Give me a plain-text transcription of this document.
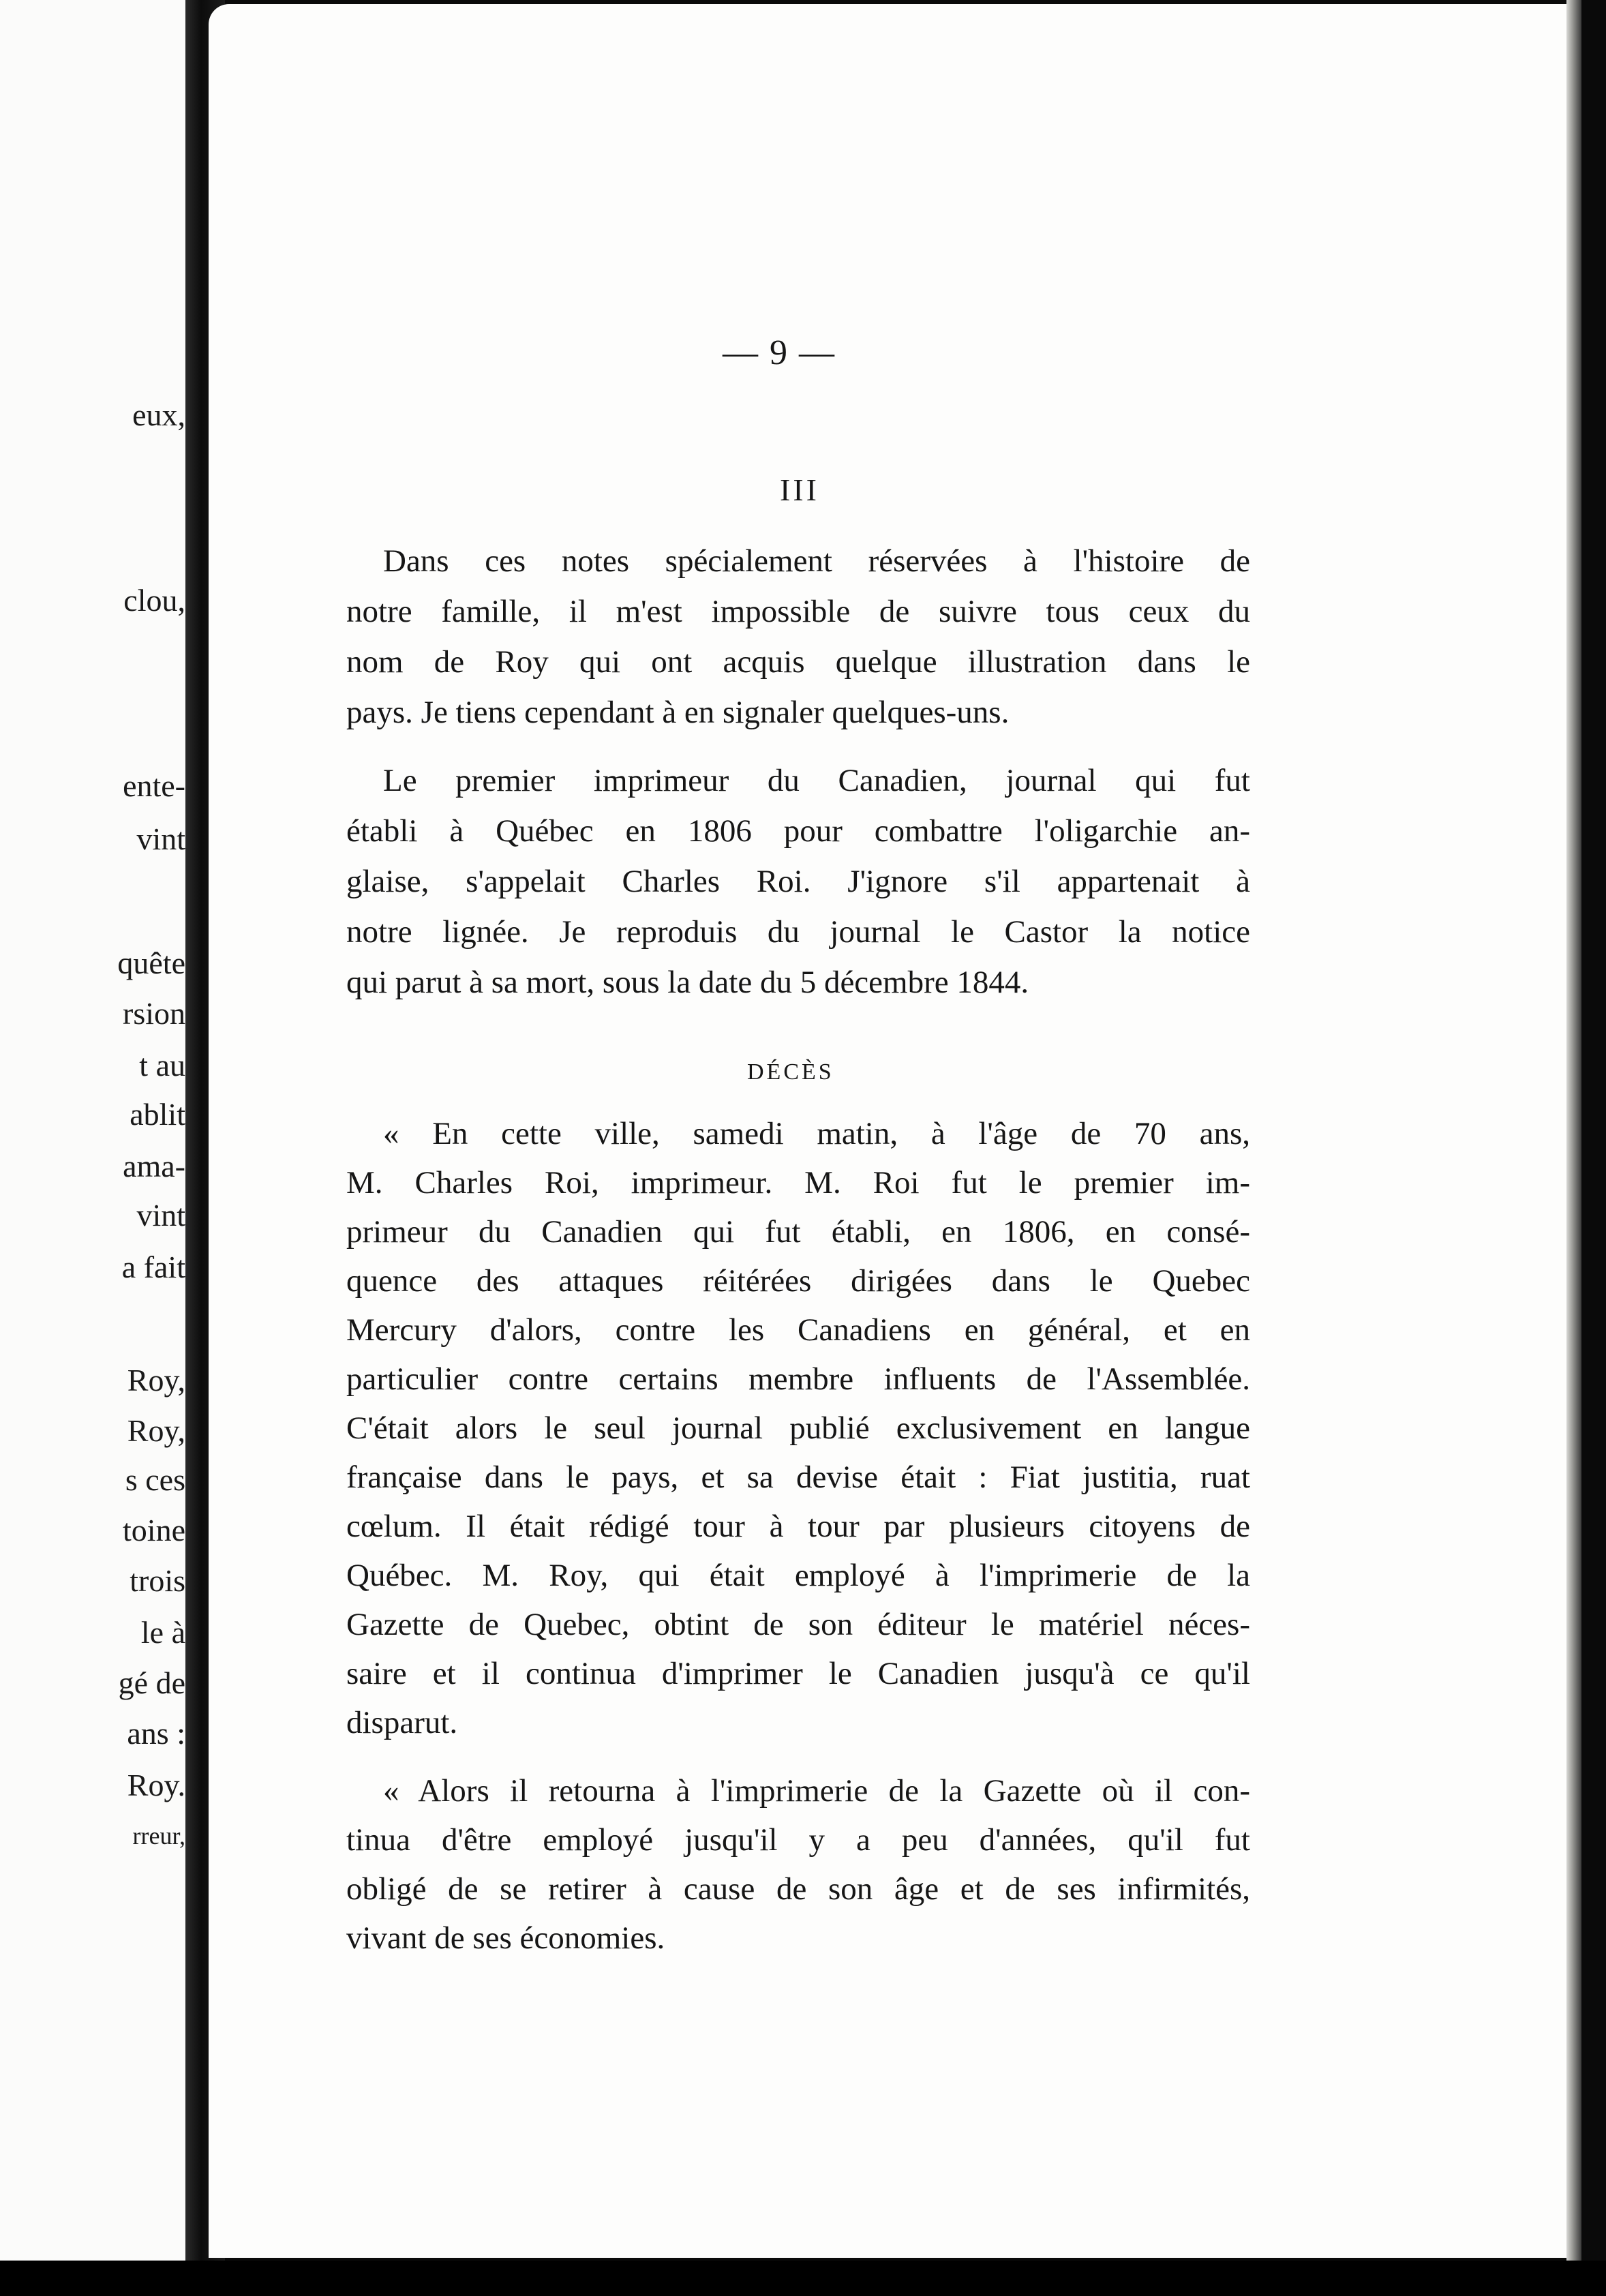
eux,
clou,
ente-
vint
quête
rsion
t au
ablit
ama-
vint
a fait
Roy,
Roy,
s ces
toine
trois
le à
gé de
ans :
Roy.
rreur,
— 9 —
III
Dans ces notes spécialement réservées à l'histoire de
notre famille, il m'est impossible de suivre tous ceux du
nom de Roy qui ont acquis quelque illustration dans le
pays. Je tiens cependant à en signaler quelques-uns.
Le premier imprimeur du Canadien, journal qui fut
établi à Québec en 1806 pour combattre l'oligarchie an-
glaise, s'appelait Charles Roi. J'ignore s'il appartenait à
notre lignée. Je reproduis du journal le Castor la notice
qui parut à sa mort, sous la date du 5 décembre 1844.
DÉCÈS
« En cette ville, samedi matin, à l'âge de 70 ans,
M. Charles Roi, imprimeur. M. Roi fut le premier im-
primeur du Canadien qui fut établi, en 1806, en consé-
quence des attaques réitérées dirigées dans le Quebec
Mercury d'alors, contre les Canadiens en général, et en
particulier contre certains membre influents de l'Assemblée.
C'était alors le seul journal publié exclusivement en langue
française dans le pays, et sa devise était : Fiat justitia, ruat
cœlum. Il était rédigé tour à tour par plusieurs citoyens de
Québec. M. Roy, qui était employé à l'imprimerie de la
Gazette de Quebec, obtint de son éditeur le matériel néces-
saire et il continua d'imprimer le Canadien jusqu'à ce qu'il
disparut.
« Alors il retourna à l'imprimerie de la Gazette où il con-
tinua d'être employé jusqu'il y a peu d'années, qu'il fut
obligé de se retirer à cause de son âge et de ses infirmités,
vivant de ses économies.
